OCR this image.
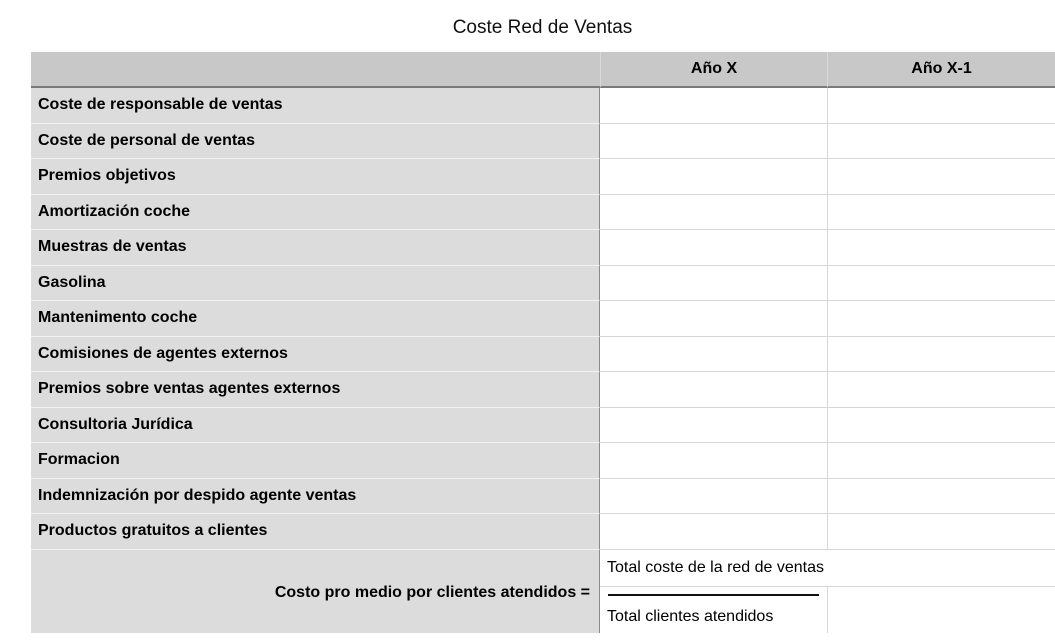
Coste Red de Ventas
Año X	Año X-1
Coste de responsable de ventas
Coste de personal de ventas
Premios objetivos
Amortización coche
Muestras de ventas
Gasolina
Mantenimento coche
Comisiones de agentes externos
Premios sobre ventas agentes externos
Consultoria Jurídica
Formacion
Indemnización por despido agente ventas
Productos gratuitos a clientes
Costo pro medio por clientes atendidos =
Total coste de la red de ventas
Total clientes atendidos
